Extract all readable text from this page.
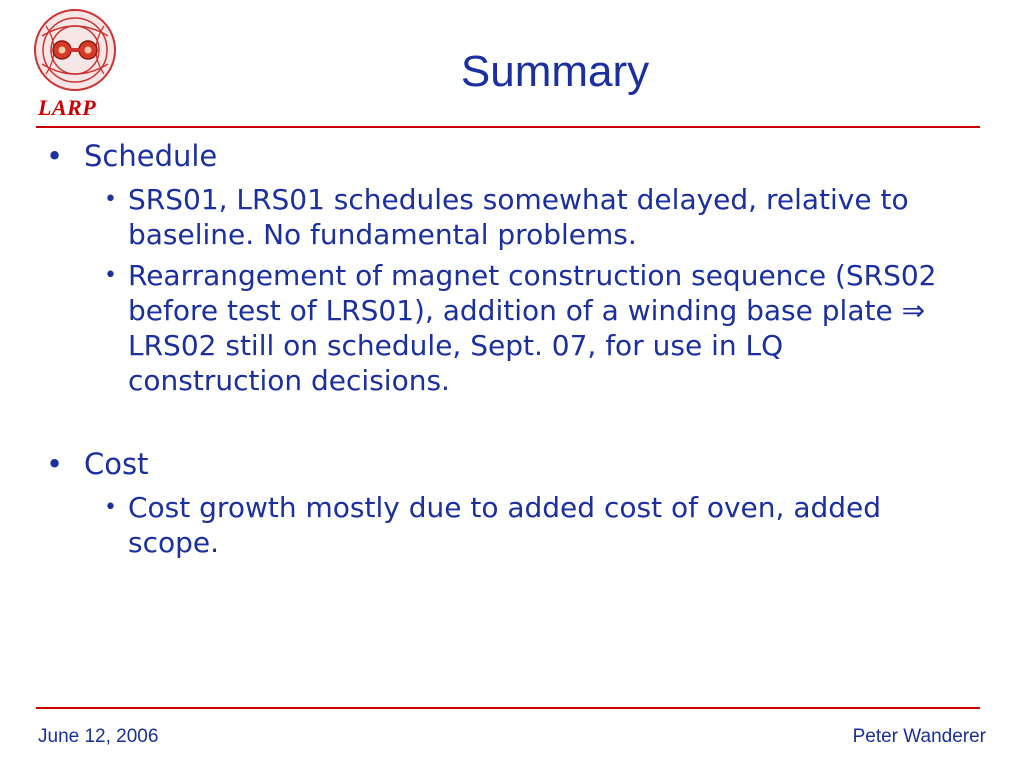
LARP
Summary
• Schedule
• SRS01, LRS01 schedules somewhat delayed, relative to baseline. No fundamental problems.
• Rearrangement of magnet construction sequence (SRS02 before test of LRS01), addition of a winding base plate ⇒ LRS02 still on schedule, Sept. 07, for use in LQ construction decisions.
• Cost
• Cost growth mostly due to added cost of oven, added scope.
June 12, 2006	Peter Wanderer
